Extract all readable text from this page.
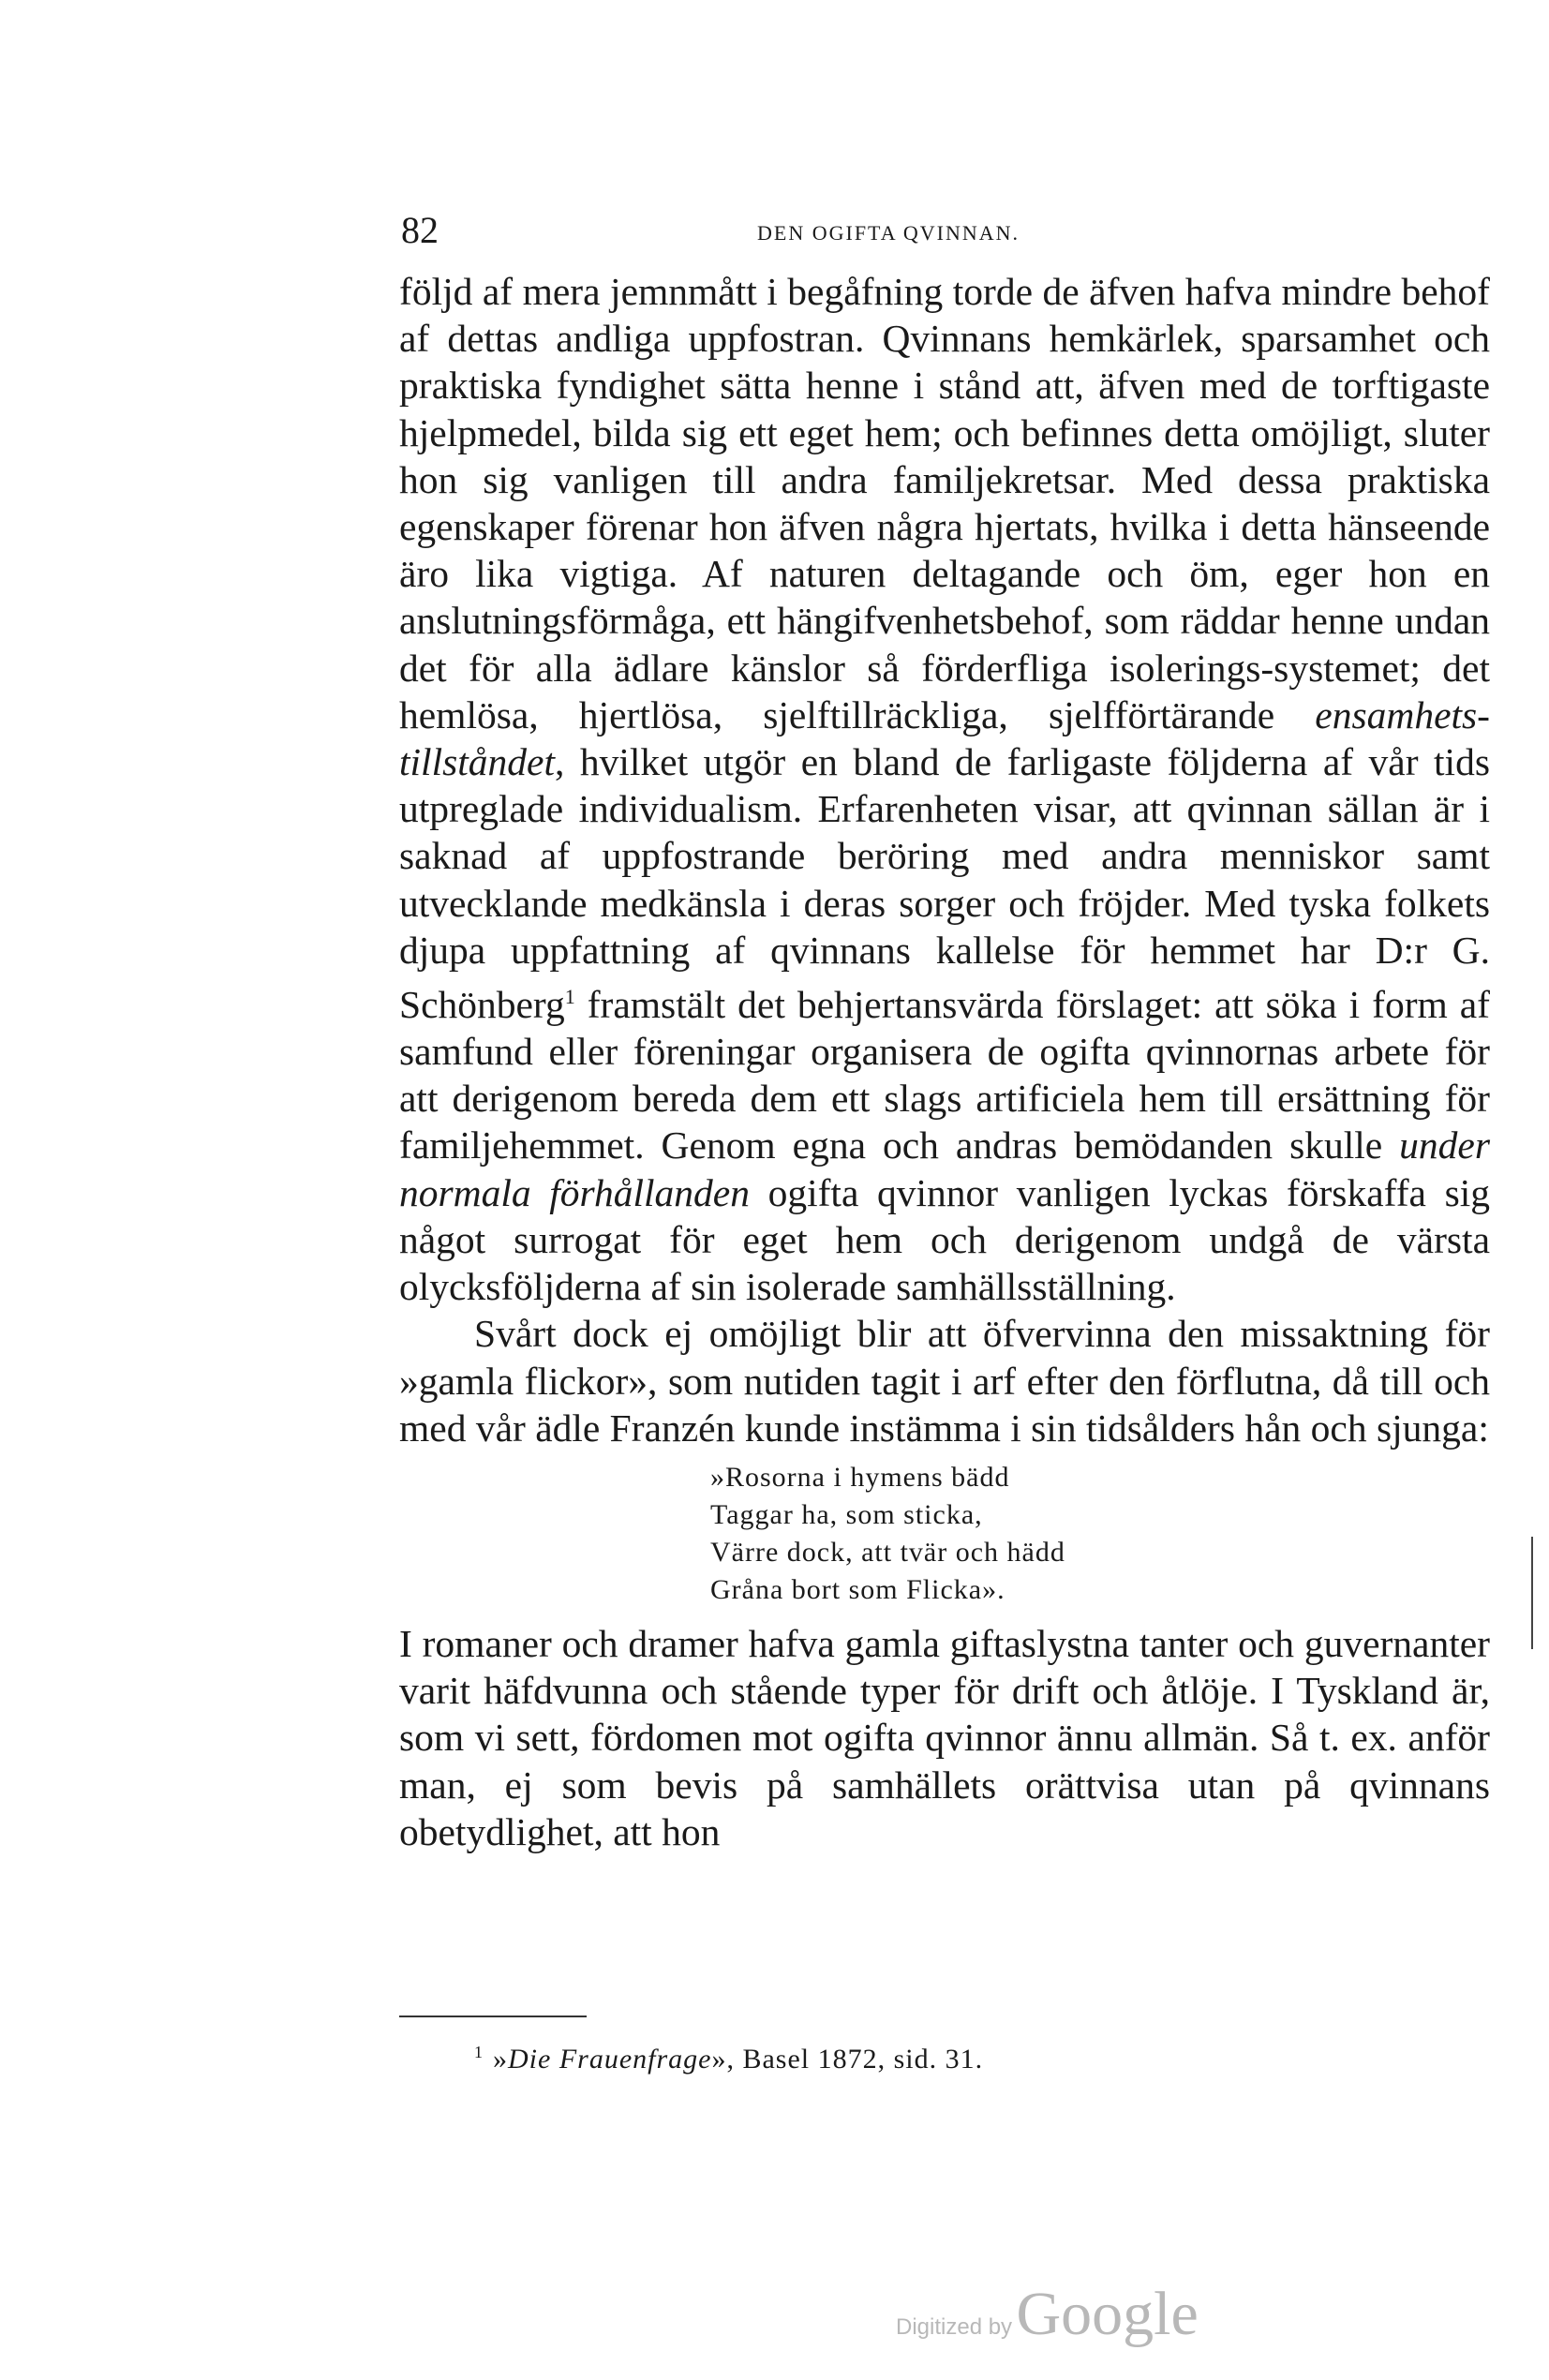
82	DEN OGIFTA QVINNAN.

följd af mera jemnmått i begåfning torde de äfven hafva mindre behof af dettas andliga uppfostran. Qvinnans hemkärlek, sparsamhet och praktiska fyndighet sätta henne i stånd att, äfven med de torftigaste hjelpmedel, bilda sig ett eget hem; och befinnes detta omöjligt, sluter hon sig vanligen till andra familjekretsar. Med dessa praktiska egenskaper förenar hon äfven några hjertats, hvilka i detta hänseende äro lika vigtiga. Af naturen deltagande och öm, eger hon en anslutningsförmåga, ett hängifvenhetsbehof, som räddar henne undan det för alla ädlare känslor så förderfliga isolerings-systemet; det hemlösa, hjertlösa, sjelftillräckliga, sjelfförtärande ensamhets-tillståndet, hvilket utgör en bland de farligaste följderna af vår tids utpreglade individualism. Erfarenheten visar, att qvinnan sällan är i saknad af uppfostrande beröring med andra menniskor samt utvecklande medkänsla i deras sorger och fröjder. Med tyska folkets djupa uppfattning af qvinnans kallelse för hemmet har D:r G. Schönberg$^1$ framstält det behjertansvärda förslaget: att söka i form af samfund eller föreningar organisera de ogifta qvinnornas arbete för att derigenom bereda dem ett slags artificiela hem till ersättning för familjehemmet. Genom egna och andras bemödanden skulle under normala förhållanden ogifta qvinnor vanligen lyckas förskaffa sig något surrogat för eget hem och derigenom undgå de värsta olycksföljderna af sin isolerade samhällsställning.

Svårt dock ej omöjligt blir att öfvervinna den missaktning för »gamla flickor», som nutiden tagit i arf efter den förflutna, då till och med vår ädle Franzén kunde instämma i sin tidsålders hån och sjunga:

»Rosorna i hymens bädd
Taggar ha, som sticka,
Värre dock, att tvär och hädd
Gråna bort som Flicka».

I romaner och dramer hafva gamla giftaslystna tanter och guvernanter varit häfdvunna och stående typer för drift och åtlöje. I Tyskland är, som vi sett, fördomen mot ogifta qvinnor ännu allmän. Så t. ex. anför man, ej som bevis på samhällets orättvisa utan på qvinnans obetydlighet, att hon

$^1$ »Die Frauenfrage», Basel 1872, sid. 31.
Digitized by Google
